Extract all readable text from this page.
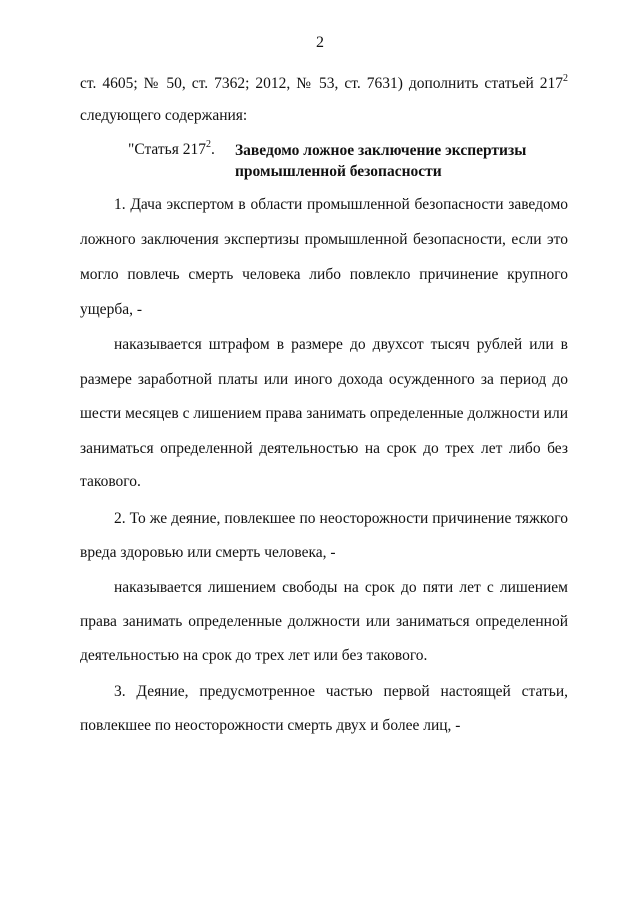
2
ст. 4605; № 50, ст. 7362; 2012, № 53, ст. 7631) дополнить статьей $217^2$
следующего содержания:
"Статья $217^2$. Заведомо ложное заключение экспертизы
промышленной безопасности
1. Дача экспертом в области промышленной безопасности заведомо
ложного заключения экспертизы промышленной безопасности, если это
могло повлечь смерть человека либо повлекло причинение крупного
ущерба, -
наказывается штрафом в размере до двухсот тысяч рублей или в
размере заработной платы или иного дохода осужденного за период до
шести месяцев с лишением права занимать определенные должности или
заниматься определенной деятельностью на срок до трех лет либо без
такового.
2. То же деяние, повлекшее по неосторожности причинение тяжкого
вреда здоровью или смерть человека, -
наказывается лишением свободы на срок до пяти лет с лишением
права занимать определенные должности или заниматься определенной
деятельностью на срок до трех лет или без такового.
3. Деяние, предусмотренное частью первой настоящей статьи,
повлекшее по неосторожности смерть двух и более лиц, -
